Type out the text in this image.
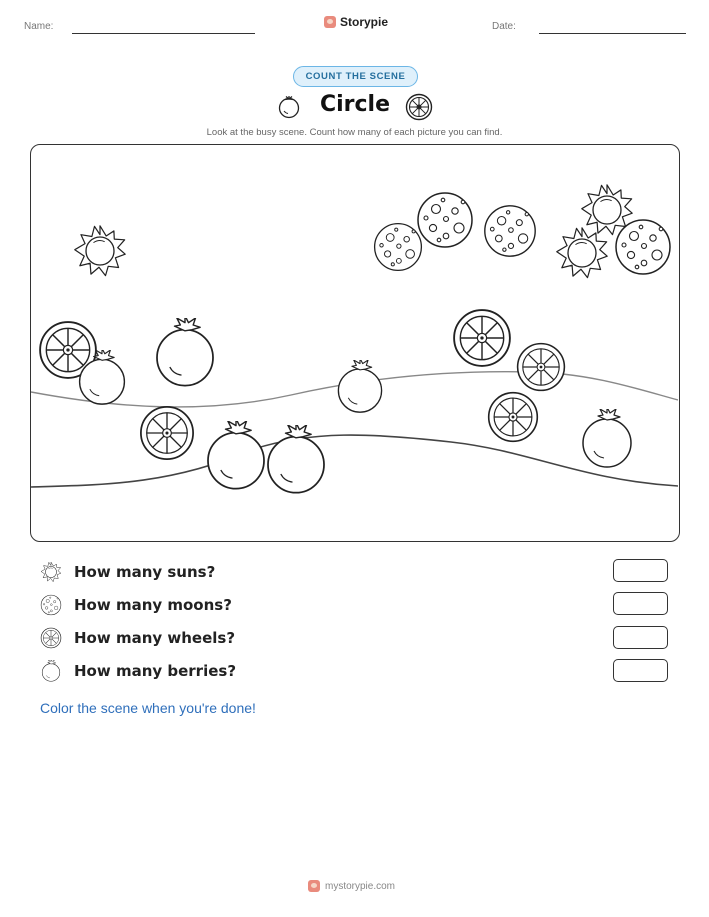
Name:	Storypie	Date:
COUNT THE SCENE
Circle
Look at the busy scene. Count how many of each picture you can find.
How many suns?
How many moons?
How many wheels?
How many berries?
Color the scene when you're done!
mystorypie.com
